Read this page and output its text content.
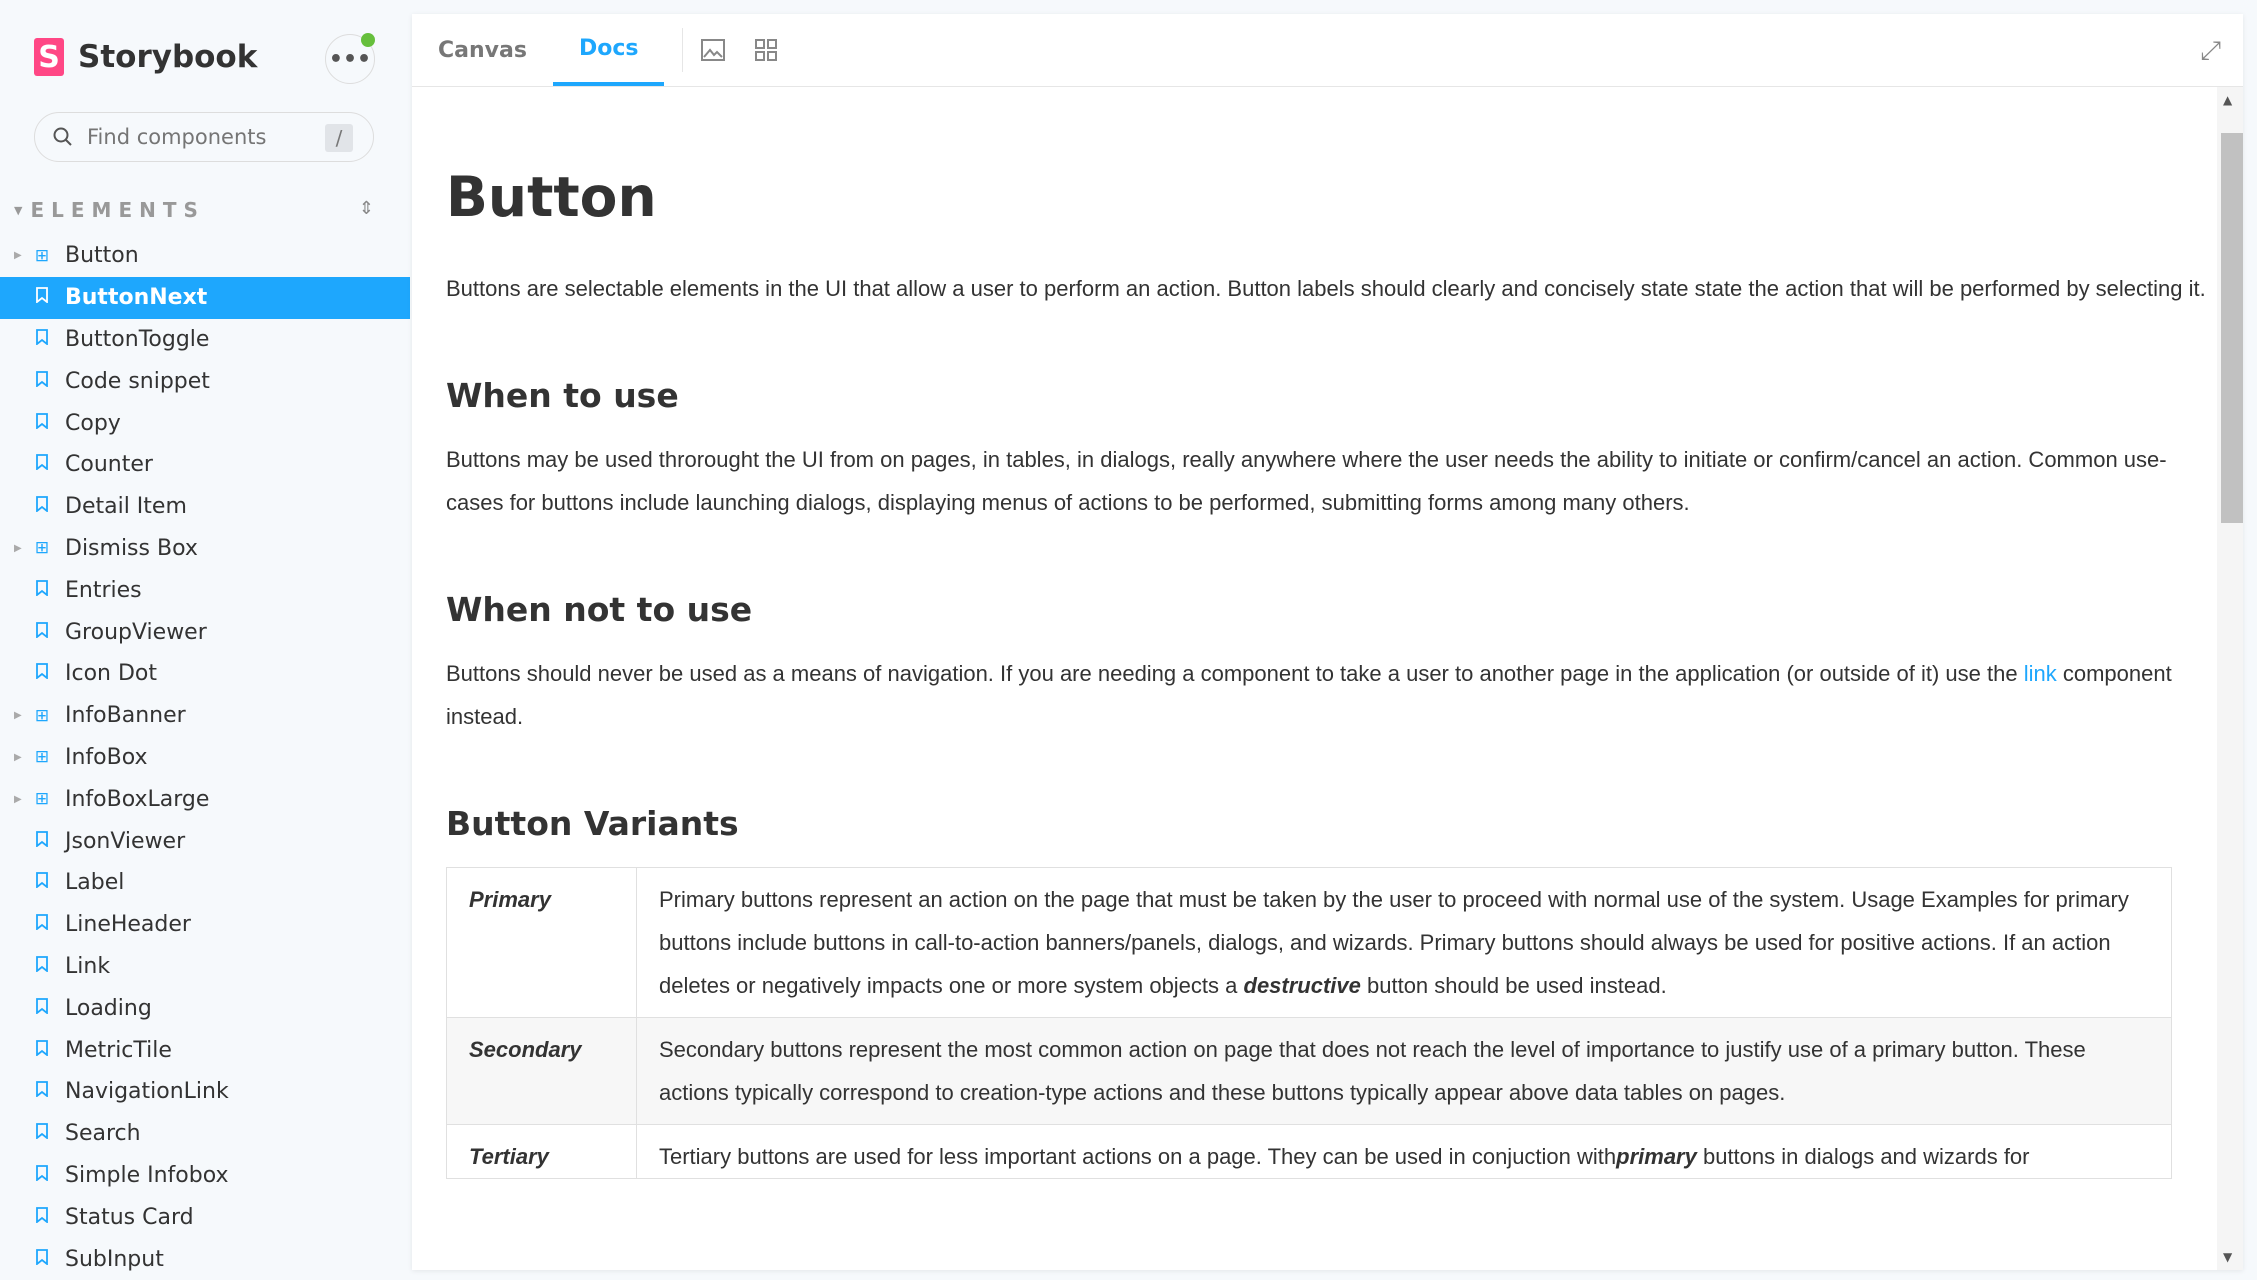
S Storybook	•••
Find components
/
▼ ELEMENTS	⇕
▶ ⊞ Button
ButtonNext
ButtonToggle
Code snippet
Copy
Counter
Detail Item
▶ ⊞ Dismiss Box
Entries
GroupViewer
Icon Dot
▶ ⊞ InfoBanner
▶ ⊞ InfoBox
▶ ⊞ InfoBoxLarge
JsonViewer
Label
LineHeader
Link
Loading
MetricTile
NavigationLink
Search
Simple Infobox
Status Card
SubInput
Canvas	Docs	⤢
Button

Buttons are selectable elements in the UI that allow a user to perform an action. Button labels should clearly and concisely state state the action that will be performed by selecting it.

When to use

Buttons may be used throrought the UI from on pages, in tables, in dialogs, really anywhere where the user needs the ability to initiate or confirm/cancel an action. Common use-cases for buttons include launching dialogs, displaying menus of actions to be performed, submitting forms among many others.

When not to use

Buttons should never be used as a means of navigation. If you are needing a component to take a user to another page in the application (or outside of it) use the link component instead.

Button Variants
Primary	Primary buttons represent an action on the page that must be taken by the user to proceed with normal use of the system. Usage Examples for primary buttons include buttons in call-to-action banners/panels, dialogs, and wizards. Primary buttons should always be used for positive actions. If an action deletes or negatively impacts one or more system objects a destructive button should be used instead.
Secondary	Secondary buttons represent the most common action on page that does not reach the level of importance to justify use of a primary button. These actions typically correspond to creation-type actions and these buttons typically appear above data tables on pages.
Tertiary	Tertiary buttons are used for less important actions on a page. They can be used in conjuction withprimary buttons in dialogs and wizards for
▲
▼
